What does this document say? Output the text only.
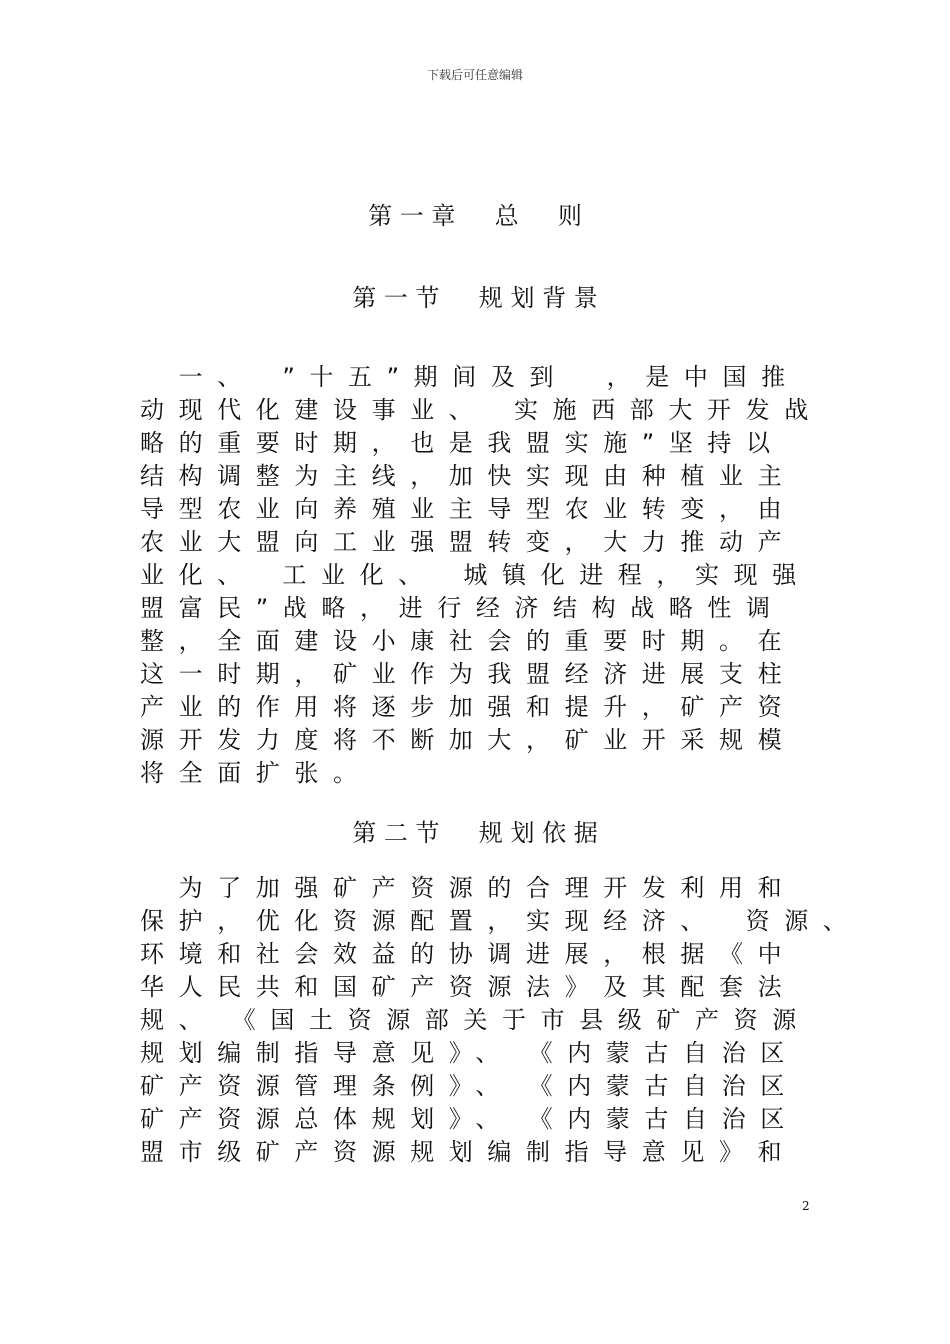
下载后可任意编辑
第 一 章 　 总 　 则
第 一 节 　 规 划 背 景
　一、　”十五”期间及到　，是中国推
动现代化建设事业、　实施西部大开发战
略的重要时期，也是我盟实施”坚持以
结构调整为主线，加快实现由种植业主
导型农业向养殖业主导型农业转变，由
农业大盟向工业强盟转变，大力推动产
业化、　工业化、　城镇化进程，实现强
盟富民”战略，进行经济结构战略性调
整，全面建设小康社会的重要时期。在
这一时期，矿业作为我盟经济进展支柱
产业的作用将逐步加强和提升，矿产资
源开发力度将不断加大，矿业开采规模
将全面扩张。
第 二 节 　 规 划 依 据
　为了加强矿产资源的合理开发利用和
保护，优化资源配置，实现经济、　资源、
环境和社会效益的协调进展，根据《中
华人民共和国矿产资源法》及其配套法
规、　《国土资源部关于市县级矿产资源
规划编制指导意见》、　《内蒙古自治区
矿产资源管理条例》、　《内蒙古自治区
矿产资源总体规划》、　《内蒙古自治区
盟市级矿产资源规划编制指导意见》和
2
